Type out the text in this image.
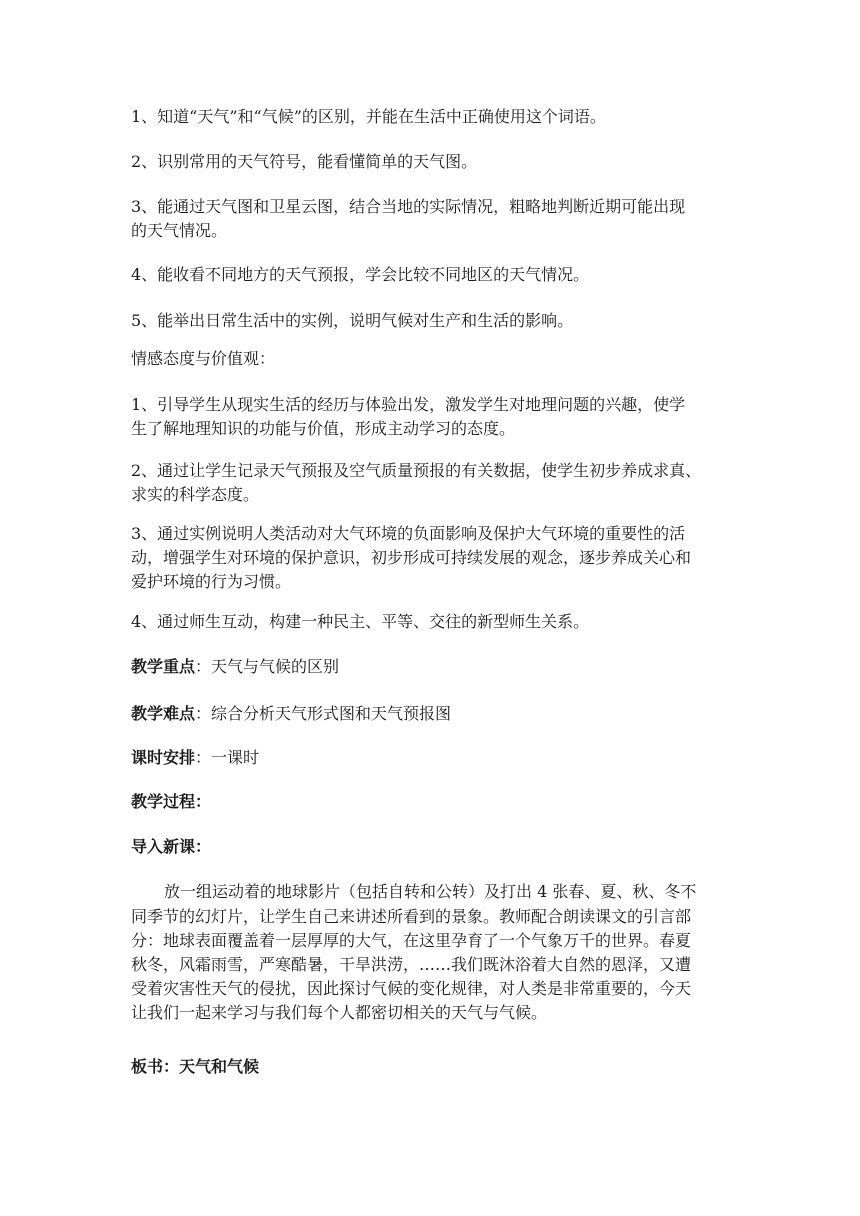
1、知道“天气”和“气候”的区别，并能在生活中正确使用这个词语。
2、识别常用的天气符号，能看懂简单的天气图。
3、能通过天气图和卫星云图，结合当地的实际情况，粗略地判断近期可能出现
的天气情况。
4、能收看不同地方的天气预报，学会比较不同地区的天气情况。
5、能举出日常生活中的实例，说明气候对生产和生活的影响。
情感态度与价值观：
1、引导学生从现实生活的经历与体验出发，激发学生对地理问题的兴趣，使学
生了解地理知识的功能与价值，形成主动学习的态度。
2、通过让学生记录天气预报及空气质量预报的有关数据，使学生初步养成求真、
求实的科学态度。
3、通过实例说明人类活动对大气环境的负面影响及保护大气环境的重要性的活
动，增强学生对环境的保护意识，初步形成可持续发展的观念，逐步养成关心和
爱护环境的行为习惯。
4、通过师生互动，构建一种民主、平等、交往的新型师生关系。
教学重点：天气与气候的区别
教学难点：综合分析天气形式图和天气预报图
课时安排：一课时
教学过程：
导入新课：
放一组运动着的地球影片（包括自转和公转）及打出 4 张春、夏、秋、冬不
同季节的幻灯片，让学生自己来讲述所看到的景象。教师配合朗读课文的引言部
分：地球表面覆盖着一层厚厚的大气，在这里孕育了一个气象万千的世界。春夏
秋冬，风霜雨雪，严寒酷暑，干旱洪涝，……我们既沐浴着大自然的恩泽，又遭
受着灾害性天气的侵扰，因此探讨气候的变化规律，对人类是非常重要的，今天
让我们一起来学习与我们每个人都密切相关的天气与气候。
板书：天气和气候
